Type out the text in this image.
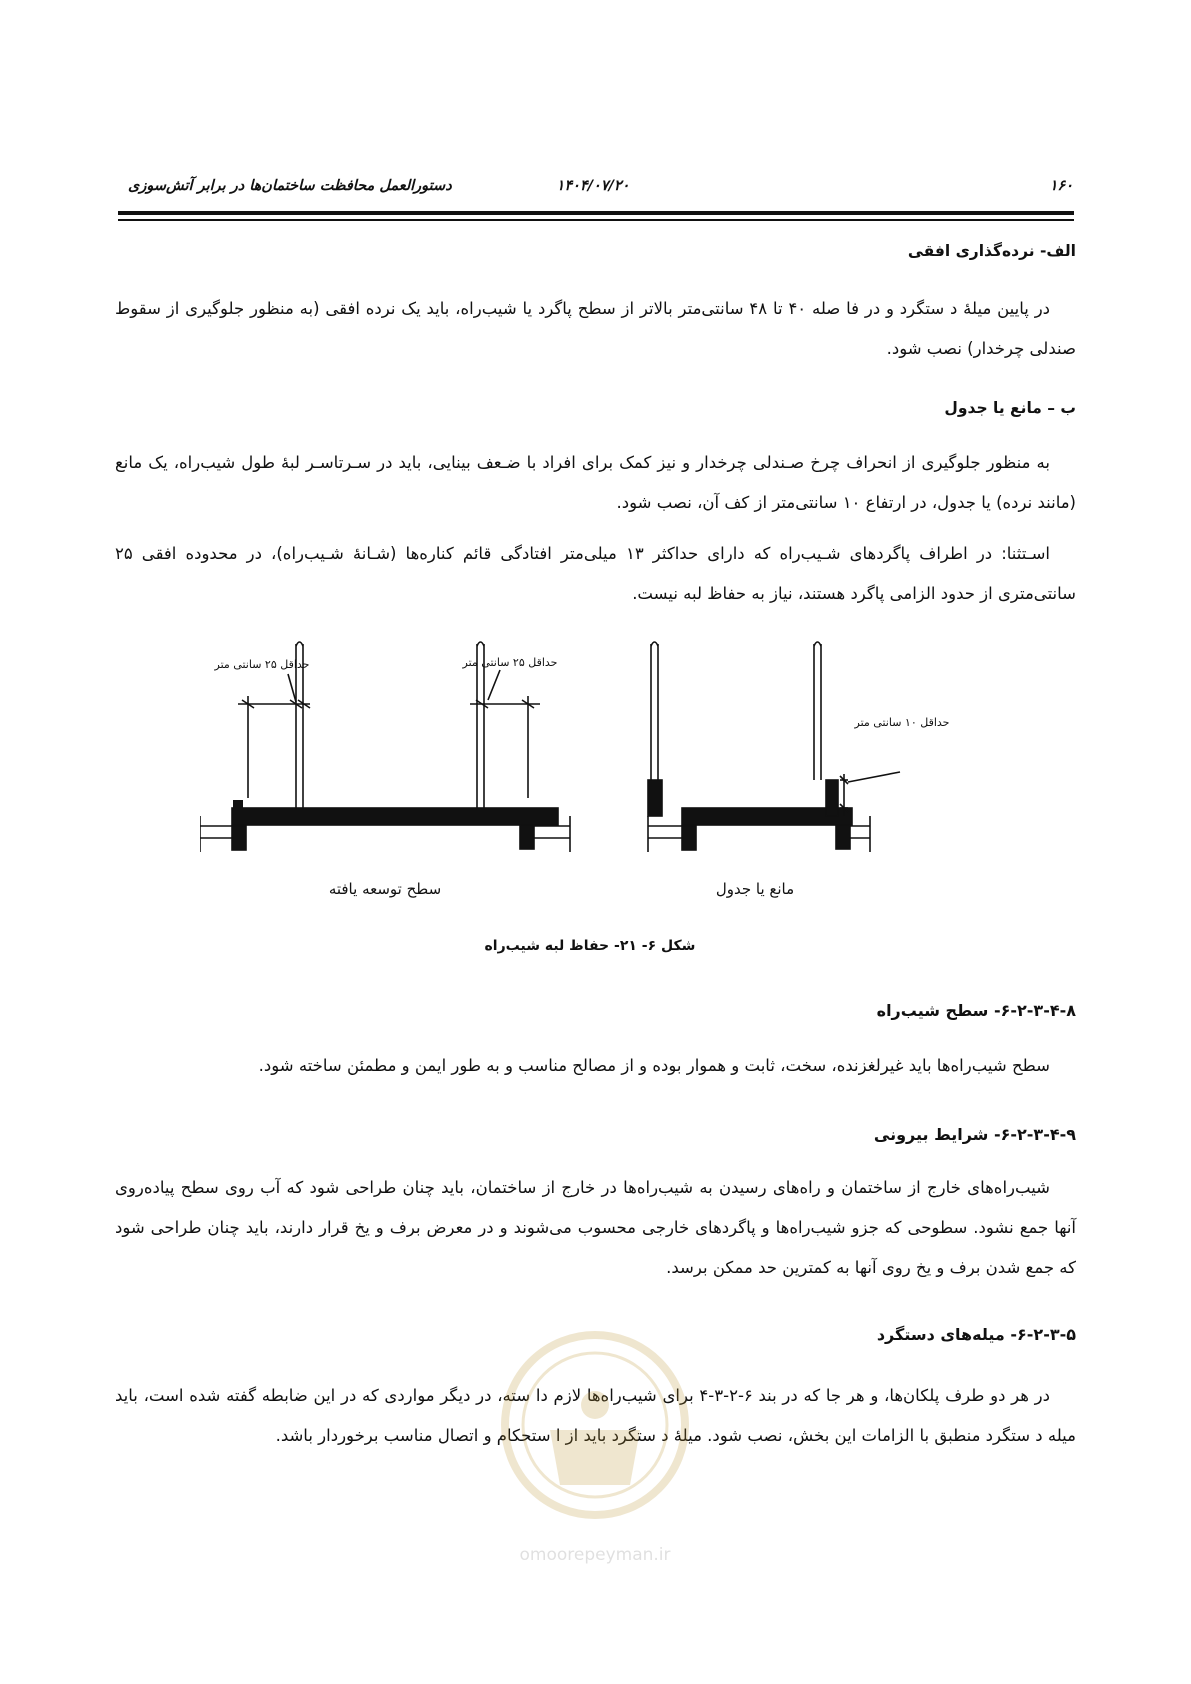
۱۶۰
۱۴۰۴/۰۷/۲۰
دستورالعمل محافظت ساختمان‌ها در برابر آتش‌سوزی
الف- نرده‌گذاری افقی
در پایین میلهٔ د ستگرد و در فا صله ۴۰ تا ۴۸ سانتی‌متر بالاتر از سطح پاگرد یا شیب‌راه، باید یک نرده افقی (به منظور جلوگیری از سقوط صندلی چرخدار) نصب شود.
ب – مانع یا جدول
به منظور جلوگیری از انحراف چرخ صـندلی چرخدار و نیز کمک برای افراد با ضـعف بینایی، باید در سـرتاسـر لبهٔ طول شیب‌راه، یک مانع (مانند نرده) یا جدول، در ارتفاع ۱۰ سانتی‌متر از کف آن، نصب شود.
اسـتثنا: در اطراف پاگردهای شـیب‌راه که دارای حداکثر ۱۳ میلی‌متر افتادگی قائم کناره‌ها (شـانهٔ شـیب‌راه)، در محدوده افقی ۲۵ سانتی‌متری از حدود الزامی پاگرد هستند، نیاز به حفاظ لبه نیست.
حداقل ۲۵ سانتی متر	حداقل ۲۵ سانتی متر
حداقل ۱۰ سانتی متر
سطح توسعه یافته	مانع یا جدول
شکل ۶- ۲۱- حفاظ لبه شیب‌راه
۶-۲-۳-۴-۸- سطح شیب‌راه
سطح شیب‌راه‌ها باید غیرلغزنده، سخت، ثابت و هموار بوده و از مصالح مناسب و به طور ایمن و مطمئن ساخته شود.
۶-۲-۳-۴-۹- شرایط بیرونی
شیب‌راه‌های خارج از ساختمان و راه‌های رسیدن به شیب‌راه‌ها در خارج از ساختمان، باید چنان طراحی شود که آب روی سطح پیاده‌روی آنها جمع نشود. سطوحی که جزو شیب‌راه‌ها و پاگردهای خارجی محسوب می‌شوند و در معرض برف و یخ قرار دارند، باید چنان طراحی شود که جمع شدن برف و یخ روی آنها به کمترین حد ممکن برسد.
۶-۲-۳-۵- میله‌های دستگرد
در هر دو طرف پلکان‌ها، و هر جا که در بند ۶-۲-۳-۴ برای شیب‌راه‌ها لازم دا سته، در دیگر مواردی که در این ضابطه گفته شده است، باید میله د ستگرد منطبق با الزامات این بخش، نصب شود. میلهٔ د ستگرد باید از ا ستحکام و اتصال مناسب برخوردار باشد.
omoorepeyman.ir
